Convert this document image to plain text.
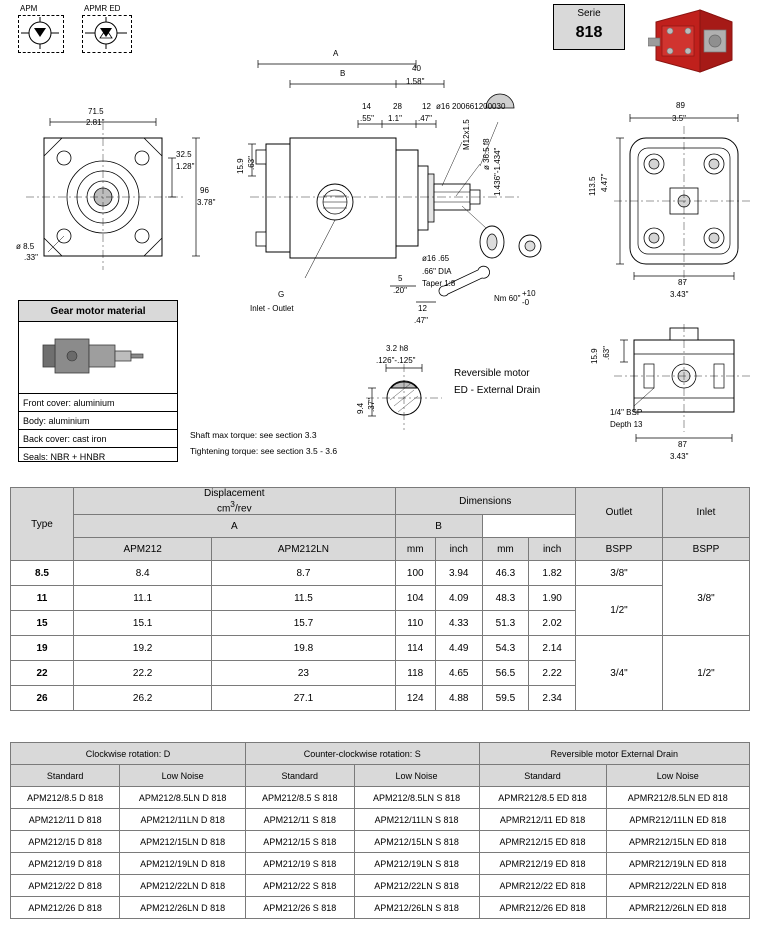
APM	APMR ED	Serie
818
71.5
2.81"
32.5
1.28"
96
3.78"
ø 8.5
.33"
A
B
40
1.58"
14
.55"
28
1.1"
12
.47"
15.9 .63"
M12x1.5
ø 36.5 f8 1.436"-1.434"
ø16 200661200030
ø16 .65
.66" DIA
Taper 1:8
Nm 60"
+10
-0
5
.20"
12
.47"
G
Inlet - Outlet
3.2 h8
.126"-.125"
9.4 .37"
Reversible motor
ED - External Drain
89
3.5"
113.5 4.47"
87
3.43"
15.9 .63"
1/4" BSP
Depth 13
87
3.43"
Gear motor material
Front cover: aluminium
Body: aluminium
Back cover: cast iron
Seals: NBR + HNBR
Shaft max torque: see section 3.3
Tightening torque: see section 3.5 - 3.6
Type	Displacement
$cm^3$/rev		Dimensions				Outlet	Inlet
	A		B					
	APM212	APM212LN	mm	inch	mm	inch	BSPP	BSPP
8.5	8.4	8.7	100	3.94	46.3	1.82	3/8"	3/8"
11	11.1	11.5	104	4.09	48.3	1.90	1/2"	
15	15.1	15.7	110	4.33	51.3	2.02		
19	19.2	19.8	114	4.49	54.3	2.14	3/4"	1/2"
22	22.2	23	118	4.65	56.5	2.22		
26	26.2	27.1	124	4.88	59.5	2.34		
Clockwise rotation: D		Counter-clockwise rotation: S		Reversible motor External Drain	
Standard	Low Noise	Standard	Low Noise	Standard	Low Noise
APM212/8.5 D 818	APM212/8.5LN D 818	APM212/8.5 S 818	APM212/8.5LN S 818	APMR212/8.5 ED 818	APMR212/8.5LN ED 818
APM212/11 D 818	APM212/11LN D 818	APM212/11 S 818	APM212/11LN S 818	APMR212/11 ED 818	APMR212/11LN ED 818
APM212/15 D 818	APM212/15LN D 818	APM212/15 S 818	APM212/15LN S 818	APMR212/15 ED 818	APMR212/15LN ED 818
APM212/19 D 818	APM212/19LN D 818	APM212/19 S 818	APM212/19LN S 818	APMR212/19 ED 818	APMR212/19LN ED 818
APM212/22 D 818	APM212/22LN D 818	APM212/22 S 818	APM212/22LN S 818	APMR212/22 ED 818	APMR212/22LN ED 818
APM212/26 D 818	APM212/26LN D 818	APM212/26 S 818	APM212/26LN S 818	APMR212/26 ED 818	APMR212/26LN ED 818
